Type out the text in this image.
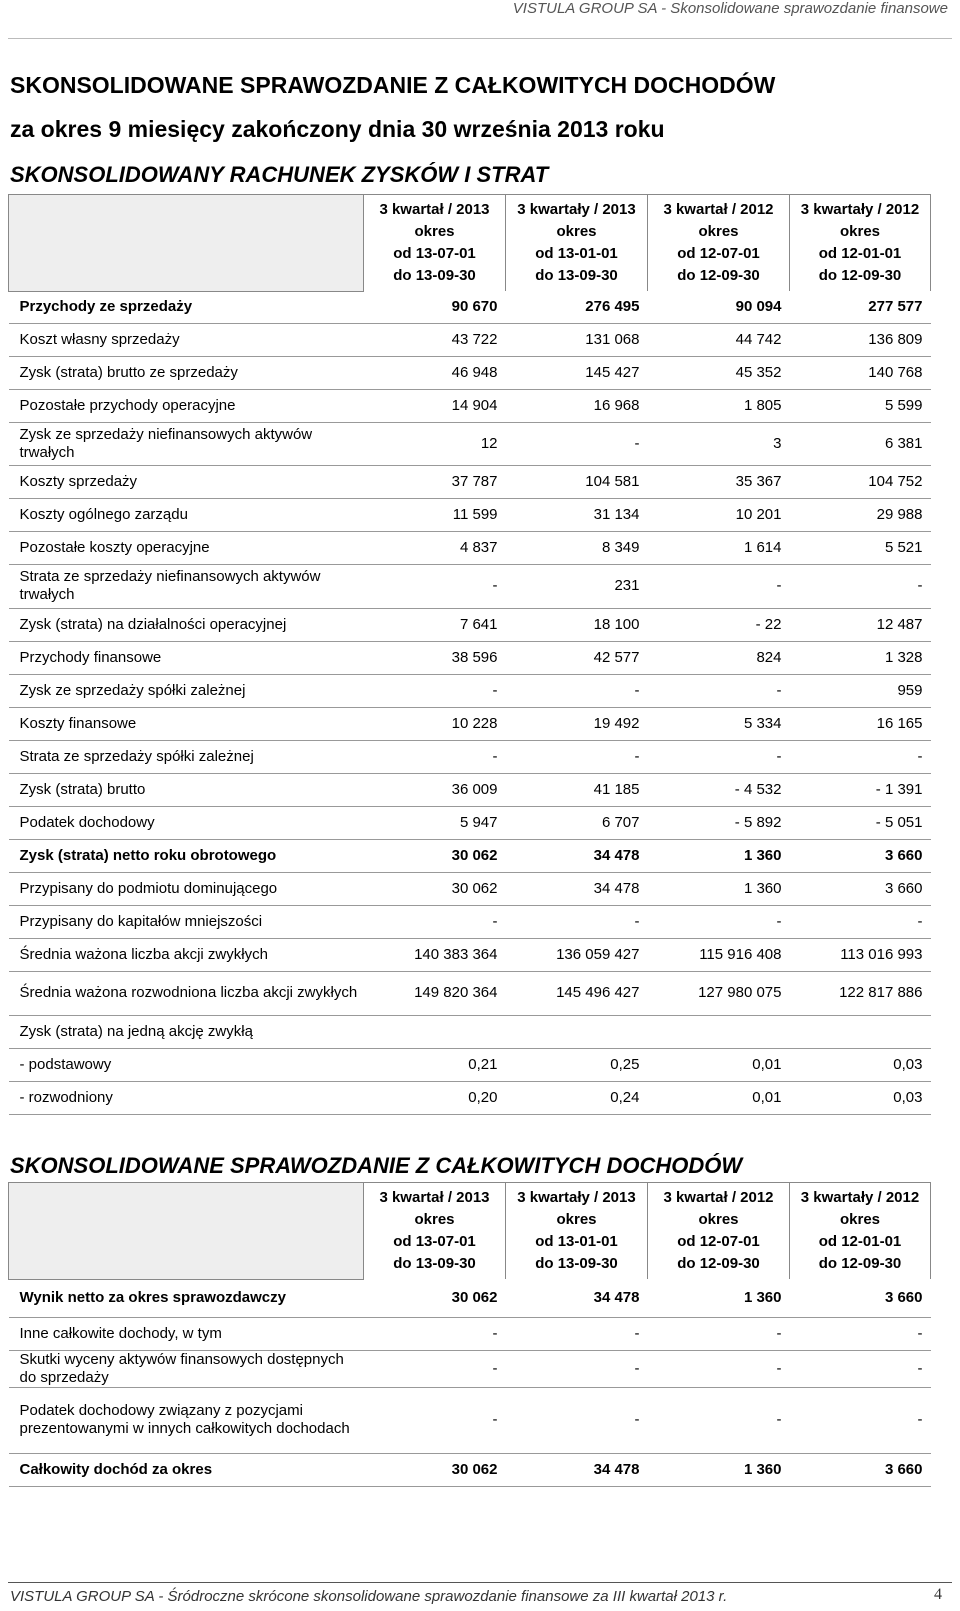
VISTULA GROUP SA - Skonsolidowane sprawozdanie finansowe
SKONSOLIDOWANE SPRAWOZDANIE Z CAŁKOWITYCH DOCHODÓW
za okres 9 miesięcy zakończony dnia 30 września 2013 roku
SKONSOLIDOWANY RACHUNEK ZYSKÓW I STRAT
	3 kwartał / 2013
okres
od 13-07-01
do 13-09-30	3 kwartały / 2013
okres
od 13-01-01
do 13-09-30	3 kwartał / 2012
okres
od 12-07-01
do 12-09-30	3 kwartały / 2012
okres
od 12-01-01
do 12-09-30
Przychody ze sprzedaży	90 670	276 495	90 094	277 577
Koszt własny sprzedaży	43 722	131 068	44 742	136 809
Zysk (strata) brutto ze sprzedaży	46 948	145 427	45 352	140 768
Pozostałe przychody operacyjne	14 904	16 968	1 805	5 599
Zysk ze sprzedaży niefinansowych aktywów trwałych	12	-	3	6 381
Koszty sprzedaży	37 787	104 581	35 367	104 752
Koszty ogólnego zarządu	11 599	31 134	10 201	29 988
Pozostałe koszty operacyjne	4 837	8 349	1 614	5 521
Strata ze sprzedaży niefinansowych aktywów trwałych	-	231	-	-
Zysk (strata) na działalności operacyjnej	7 641	18 100	- 22	12 487
Przychody finansowe	38 596	42 577	824	1 328
Zysk ze sprzedaży spółki zależnej	-	-	-	959
Koszty finansowe	10 228	19 492	5 334	16 165
Strata ze sprzedaży spółki zależnej	-	-	-	-
Zysk (strata) brutto	36 009	41 185	- 4 532	- 1 391
Podatek dochodowy	5 947	6 707	- 5 892	- 5 051
Zysk (strata) netto roku obrotowego	30 062	34 478	1 360	3 660
Przypisany do podmiotu dominującego	30 062	34 478	1 360	3 660
Przypisany do kapitałów mniejszości	-	-	-	-
Średnia ważona liczba akcji zwykłych	140 383 364	136 059 427	115 916 408	113 016 993
Średnia ważona rozwodniona liczba akcji zwykłych	149 820 364	145 496 427	127 980 075	122 817 886
Zysk (strata) na jedną akcję zwykłą				
- podstawowy	0,21	0,25	0,01	0,03
- rozwodniony	0,20	0,24	0,01	0,03
SKONSOLIDOWANE SPRAWOZDANIE Z CAŁKOWITYCH DOCHODÓW
	3 kwartał / 2013
okres
od 13-07-01
do 13-09-30	3 kwartały / 2013
okres
od 13-01-01
do 13-09-30	3 kwartał / 2012
okres
od 12-07-01
do 12-09-30	3 kwartały / 2012
okres
od 12-01-01
do 12-09-30
Wynik netto za okres sprawozdawczy	30 062	34 478	1 360	3 660
Inne całkowite dochody, w tym	-	-	-	-
Skutki wyceny aktywów finansowych dostępnych do sprzedaży	-	-	-	-
Podatek dochodowy związany z pozycjami prezentowanymi w innych całkowitych dochodach	-	-	-	-
Całkowity dochód za okres	30 062	34 478	1 360	3 660
VISTULA GROUP SA - Śródroczne skrócone skonsolidowane sprawozdanie finansowe za III kwartał 2013 r.	4
